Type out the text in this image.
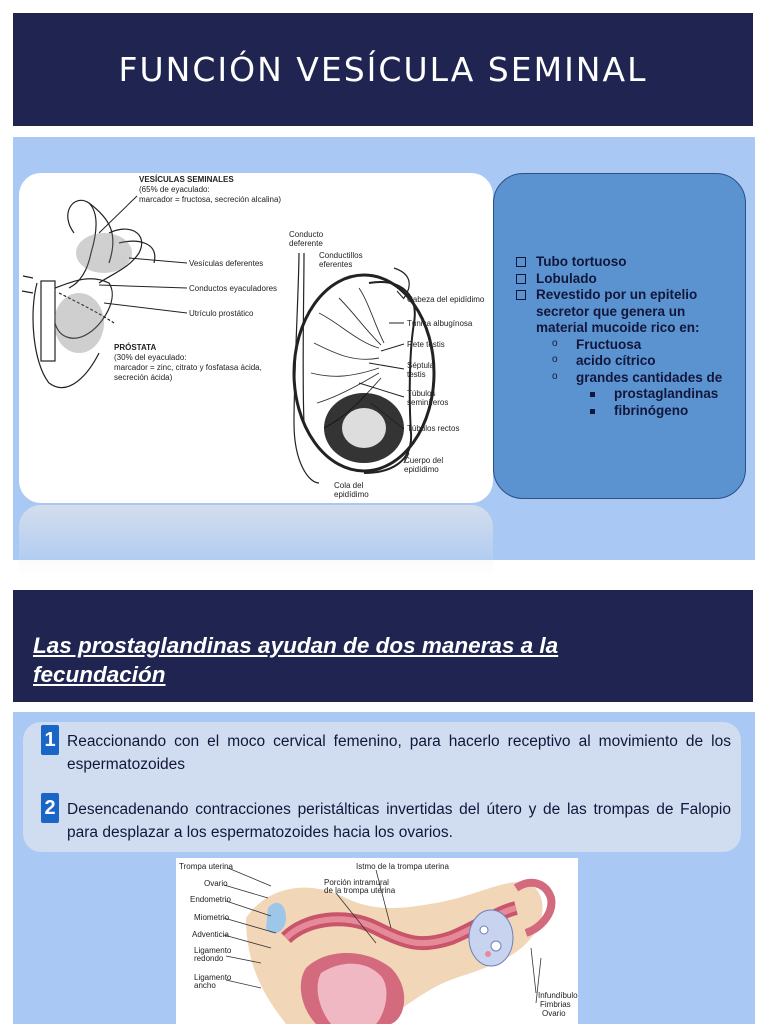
FUNCIÓN VESÍCULA SEMINAL
VESÍCULAS SEMINALES
(65% de eyaculado:
marcador = fructosa, secreción alcalina)
Vesículas deferentes
Conductos eyaculadores
Utrículo prostático
PRÓSTATA
(30% del eyaculado:
marcador = zinc, citrato y fosfatasa ácida,
secreción ácida)
Conducto
deferente
Conductillos
eferentes
Cabeza del epidídimo
Túnica albugínosa
Rete testis
Séptula
testis
Túbulos
seminíferos
Túbulos rectos
Cuerpo del
epidídimo
Cola del
epidídimo
Tubo tortuoso
Lobulado
Revestido por un epitelio secretor que genera un material mucoide rico en:
o Fructuosa
o acido cítrico
o grandes cantidades de
prostaglandinas
fibrinógeno
Las prostaglandinas ayudan de dos maneras a la fecundación
1 Reaccionando con el moco cervical femenino, para hacerlo receptivo al movimiento de los espermatozoides
2 Desencadenando contracciones peristálticas invertidas del útero y de las trompas de Falopio para desplazar a los espermatozoides hacia los ovarios.
Trompa uterina	Istmo de la trompa uterina
Ovario	Porción intramural
de la trompa uterina
Endometrio
Miometrio
Adventicia
Ligamento
redondo
Ligamento
ancho
Infundíbulo
Fimbrias
Ovario
